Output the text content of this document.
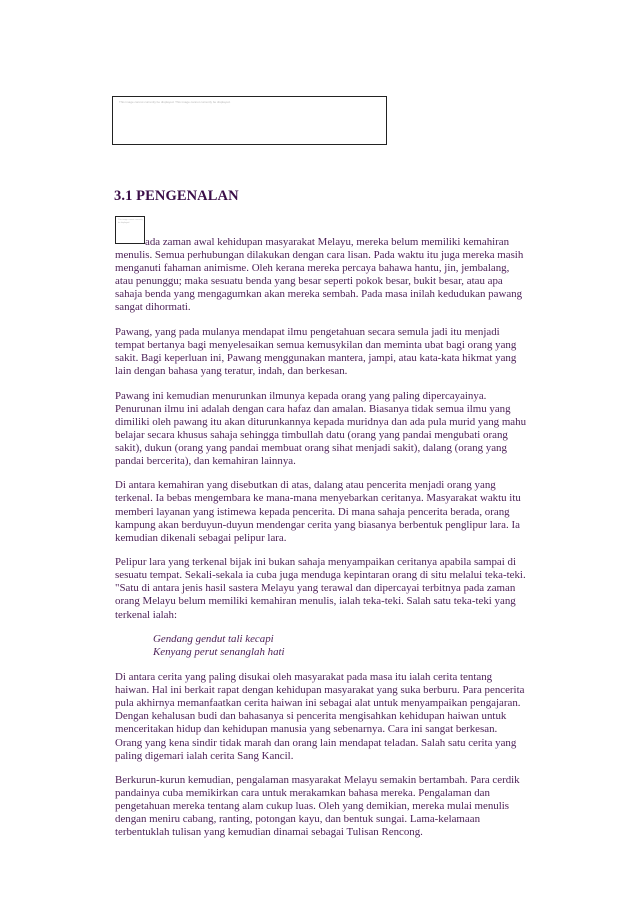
This image cannot currently be displayed. This image cannot currently be displayed.
3.1 PENGENALAN
This image cannot currently be displayed.

ada zaman awal kehidupan masyarakat Melayu, mereka belum memiliki kemahiran menulis. Semua perhubungan dilakukan dengan cara lisan. Pada waktu itu juga mereka masih menganuti fahaman animisme. Oleh kerana mereka percaya bahawa hantu, jin, jembalang, atau penunggu; maka sesuatu benda yang besar seperti pokok besar, bukit besar, atau apa sahaja benda yang mengagumkan akan mereka sembah. Pada masa inilah kedudukan pawang sangat dihormati.

Pawang, yang pada mulanya mendapat ilmu pengetahuan secara semula jadi itu menjadi tempat bertanya bagi menyelesaikan semua kemusykilan dan meminta ubat bagi orang yang sakit. Bagi keperluan ini, Pawang menggunakan mantera, jampi, atau kata-kata hikmat yang lain dengan bahasa yang teratur, indah, dan berkesan.

Pawang ini kemudian menurunkan ilmunya kepada orang yang paling dipercayainya. Penurunan ilmu ini adalah dengan cara hafaz dan amalan. Biasanya tidak semua ilmu yang dimiliki oleh pawang itu akan diturunkannya kepada muridnya dan ada pula murid yang mahu belajar secara khusus sahaja sehingga timbullah datu (orang yang pandai mengubati orang sakit), dukun (orang yang pandai membuat orang sihat menjadi sakit), dalang (orang yang pandai bercerita), dan kemahiran lainnya.

Di antara kemahiran yang disebutkan di atas, dalang atau pencerita menjadi orang yang terkenal. Ia bebas mengembara ke mana-mana menyebarkan ceritanya. Masyarakat waktu itu memberi layanan yang istimewa kepada pencerita. Di mana sahaja pencerita berada, orang kampung akan berduyun-duyun mendengar cerita yang biasanya berbentuk penglipur lara. Ia kemudian dikenali sebagai pelipur lara.

Pelipur lara yang terkenal bijak ini bukan sahaja menyampaikan ceritanya apabila sampai di sesuatu tempat. Sekali-sekala ia cuba juga menduga kepintaran orang di situ melalui teka-teki. "Satu di antara jenis hasil sastera Melayu yang terawal dan dipercayai terbitnya pada zaman orang Melayu belum memiliki kemahiran menulis, ialah teka-teki. Salah satu teka-teki yang terkenal ialah:

Gendang gendut tali kecapi
Kenyang perut senanglah hati

Di antara cerita yang paling disukai oleh masyarakat pada masa itu ialah cerita tentang haiwan. Hal ini berkait rapat dengan kehidupan masyarakat yang suka berburu. Para pencerita pula akhirnya memanfaatkan cerita haiwan ini sebagai alat untuk menyampaikan pengajaran. Dengan kehalusan budi dan bahasanya si pencerita mengisahkan kehidupan haiwan untuk menceritakan hidup dan kehidupan manusia yang sebenarnya. Cara ini sangat berkesan. Orang yang kena sindir tidak marah dan orang lain mendapat teladan. Salah satu cerita yang paling digemari ialah cerita Sang Kancil.

Berkurun-kurun kemudian, pengalaman masyarakat Melayu semakin bertambah. Para cerdik pandainya cuba memikirkan cara untuk merakamkan bahasa mereka. Pengalaman dan pengetahuan mereka tentang alam cukup luas. Oleh yang demikian, mereka mulai menulis dengan meniru cabang, ranting, potongan kayu, dan bentuk sungai. Lama-kelamaan terbentuklah tulisan yang kemudian dinamai sebagai Tulisan Rencong.
